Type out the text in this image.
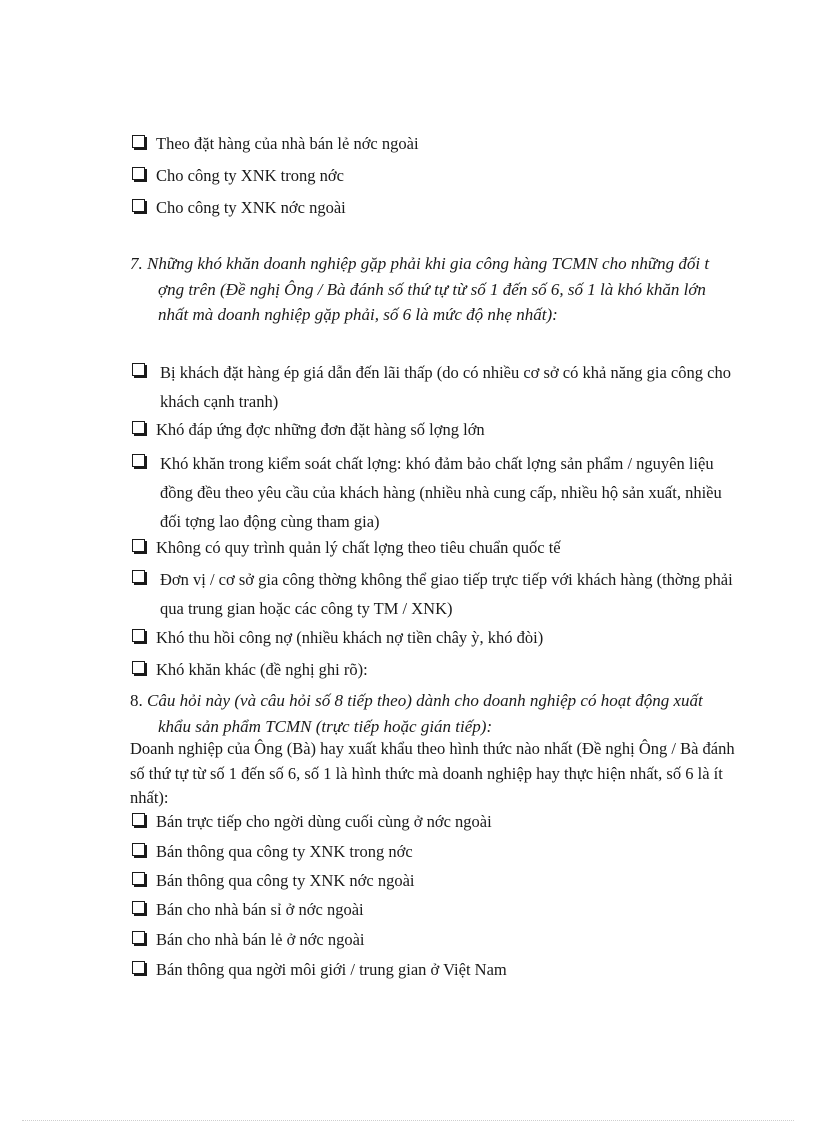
Theo đặt hàng của nhà bán lẻ nớc ngoài
Cho công ty XNK trong nớc
Cho công ty XNK nớc ngoài
7. Những khó khăn doanh nghiệp gặp phải khi gia công hàng TCMN cho những đối t ợng trên (Đề nghị Ông / Bà đánh số thứ tự từ số 1 đến số 6, số 1 là khó khăn lớn nhất mà doanh nghiệp gặp phải, số 6 là mức độ nhẹ nhất):
Bị khách đặt hàng ép giá dẫn đến lãi thấp (do có nhiều cơ sở có khả năng gia công cho khách cạnh tranh)
Khó đáp ứng đợc những đơn đặt hàng số lợng lớn
Khó khăn trong kiểm soát chất lợng: khó đảm bảo chất lợng sản phẩm / nguyên liệu đồng đều theo yêu cầu của khách hàng (nhiều nhà cung cấp, nhiều hộ sản xuất, nhiều đối tợng lao động cùng tham gia)
Không có quy trình quản lý chất lợng theo tiêu chuẩn quốc tế
Đơn vị / cơ sở gia công thờng không thể giao tiếp trực tiếp với khách hàng (thờng phải qua trung gian hoặc các công ty TM / XNK)
Khó thu hồi công nợ (nhiều khách nợ tiền chây ỳ, khó đòi)
Khó khăn khác (đề nghị ghi rõ):
8. Câu hỏi này (và câu hỏi số 8 tiếp theo) dành cho doanh nghiệp có hoạt động xuất khẩu sản phẩm TCMN (trực tiếp hoặc gián tiếp):
Doanh nghiệp của Ông (Bà) hay xuất khẩu theo hình thức nào nhất (Đề nghị Ông / Bà đánh số thứ tự từ số 1 đến số 6, số 1 là hình thức mà doanh nghiệp hay thực hiện nhất, số 6 là ít nhất):
Bán trực tiếp cho ngời dùng cuối cùng ở nớc ngoài
Bán thông qua công ty XNK trong nớc
Bán thông qua công ty XNK nớc ngoài
Bán cho nhà bán sỉ ở nớc ngoài
Bán cho nhà bán lẻ ở nớc ngoài
Bán thông qua ngời môi giới / trung gian ở Việt Nam
